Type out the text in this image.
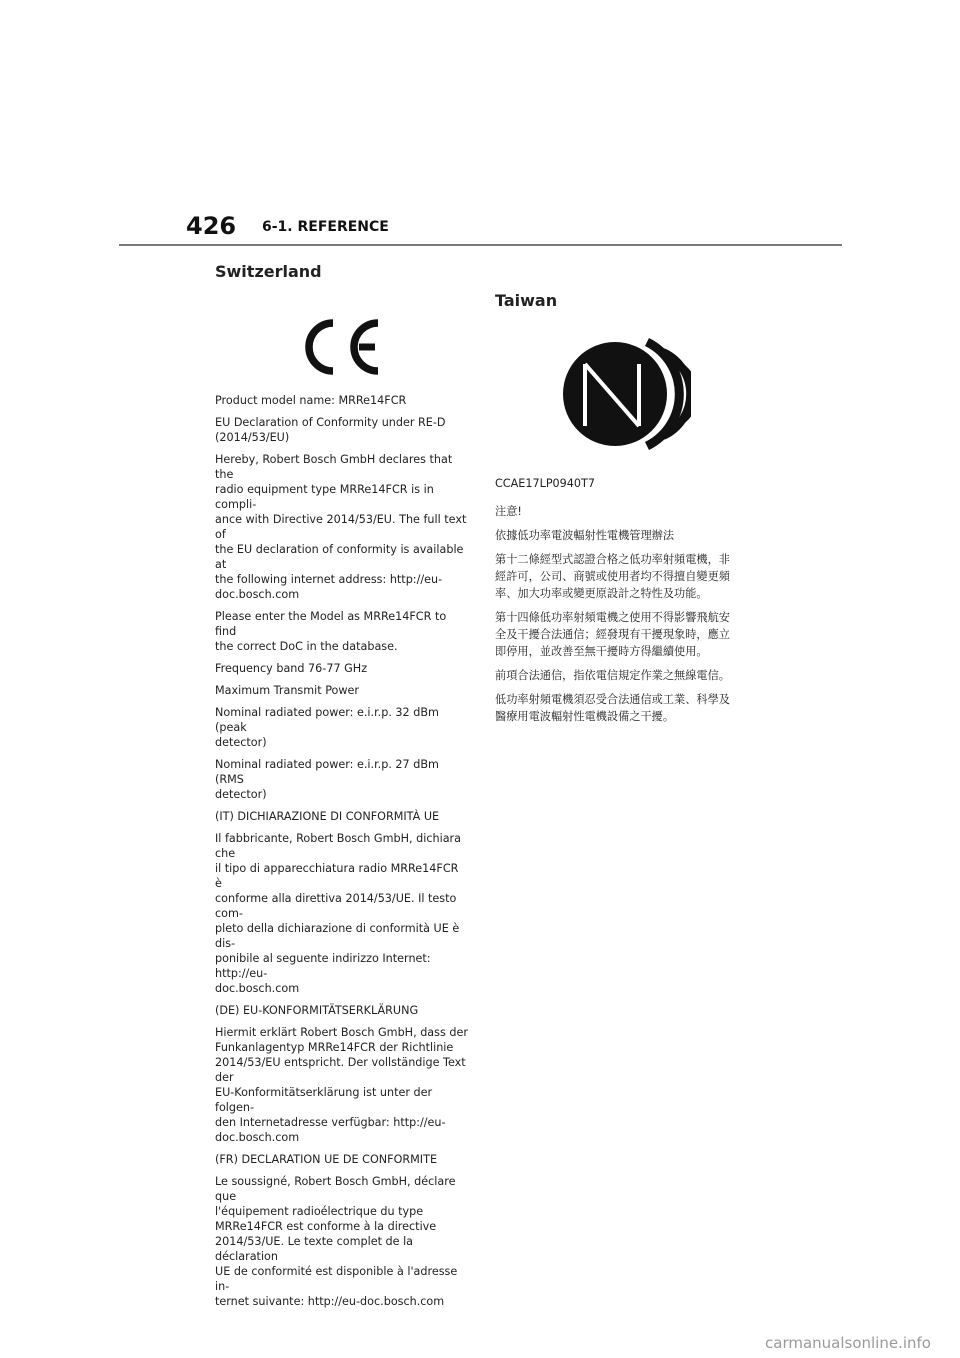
426 6-1. REFERENCE
Switzerland

Product model name: MRRe14FCR

EU Declaration of Conformity under RE-D
(2014/53/EU)

Hereby, Robert Bosch GmbH declares that the
radio equipment type MRRe14FCR is in compli-
ance with Directive 2014/53/EU. The full text of
the EU declaration of conformity is available at
the following internet address: http://eu-
doc.bosch.com

Please enter the Model as MRRe14FCR to find
the correct DoC in the database.

Frequency band 76-77 GHz

Maximum Transmit Power

Nominal radiated power: e.i.r.p. 32 dBm (peak
detector)

Nominal radiated power: e.i.r.p. 27 dBm (RMS
detector)

(IT) DICHIARAZIONE DI CONFORMITÀ UE

Il fabbricante, Robert Bosch GmbH, dichiara che
il tipo di apparecchiatura radio MRRe14FCR è
conforme alla direttiva 2014/53/UE. Il testo com-
pleto della dichiarazione di conformità UE è dis-
ponibile al seguente indirizzo Internet: http://eu-
doc.bosch.com

(DE) EU-KONFORMITÄTSERKLÄRUNG

Hiermit erklärt Robert Bosch GmbH, dass der
Funkanlagentyp MRRe14FCR der Richtlinie
2014/53/EU entspricht. Der vollständige Text der
EU-Konformitätserklärung ist unter der folgen-
den Internetadresse verfügbar: http://eu-
doc.bosch.com

(FR) DECLARATION UE DE CONFORMITE

Le soussigné, Robert Bosch GmbH, déclare que
l'équipement radioélectrique du type
MRRe14FCR est conforme à la directive
2014/53/UE. Le texte complet de la déclaration
UE de conformité est disponible à l'adresse in-
ternet suivante: http://eu-doc.bosch.com

Taiwan

CCAE17LP0940T7

注意!

依據低功率電波輻射性電機管理辦法

第十二條經型式認證合格之低功率射頻電機，非
經許可，公司、商號或使用者均不得擅自變更頻
率、加大功率或變更原設計之特性及功能。

第十四條低功率射頻電機之使用不得影響飛航安
全及干擾合法通信；經發現有干擾現象時，應立
即停用，並改善至無干擾時方得繼續使用。

前項合法通信，指依電信規定作業之無線電信。

低功率射頻電機須忍受合法通信或工業、科學及
醫療用電波輻射性電機設備之干擾。

carmanualsonline.info
